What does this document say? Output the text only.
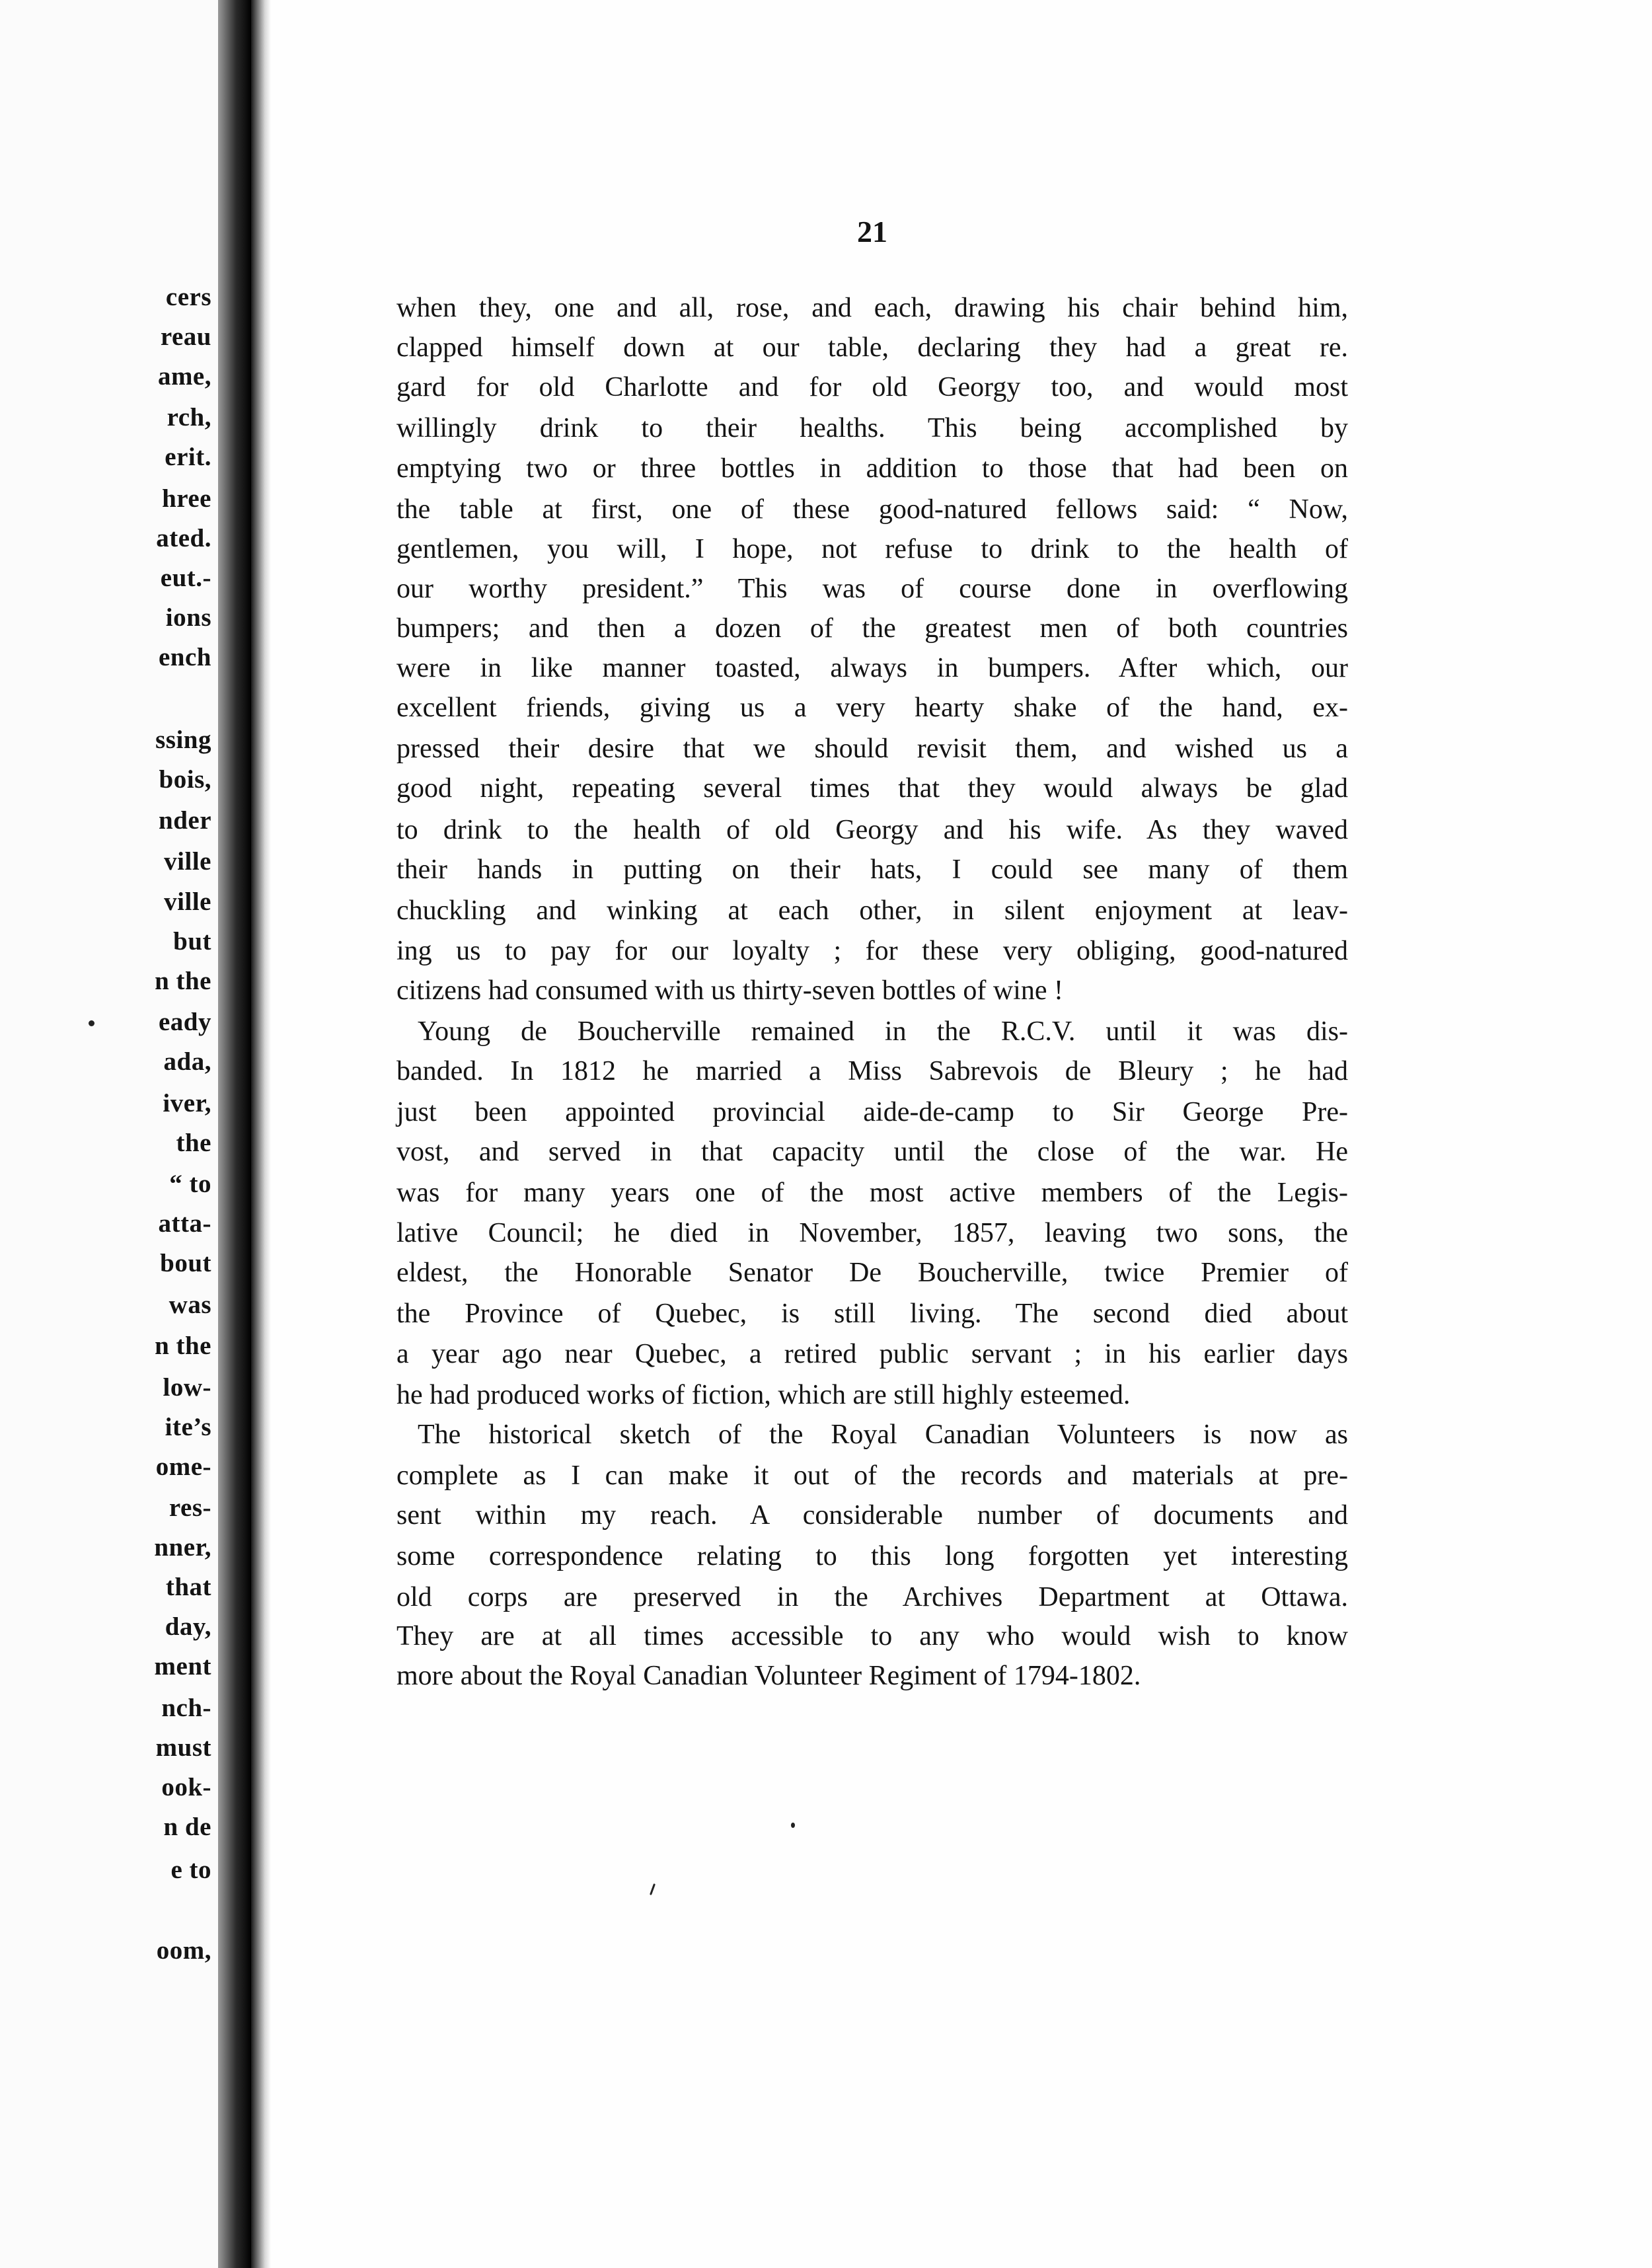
cers
reau
ame,
rch,
erit.
hree
ated.
eut.-
ions
ench
ssing
bois,
nder
ville
ville
but
n the
eady
ada,
iver,
the
“ to
atta-
bout
was
n the
low-
ite’s
ome-
res-
nner,
that
day,
ment
nch-
must
ook-
n de
e to
oom,
21
when they, one and all, rose, and each, drawing his chair behind him,
clapped himself down at our table, declaring they had a great re.
gard for old Charlotte and for old Georgy too, and would most
willingly drink to their healths. This being accomplished by
emptying two or three bottles in addition to those that had been on
the table at first, one of these good-natured fellows said: “ Now,
gentlemen, you will, I hope, not refuse to drink to the health of
our worthy president.” This was of course done in overflowing
bumpers; and then a dozen of the greatest men of both countries
were in like manner toasted, always in bumpers. After which, our
excellent friends, giving us a very hearty shake of the hand, ex-
pressed their desire that we should revisit them, and wished us a
good night, repeating several times that they would always be glad
to drink to the health of old Georgy and his wife. As they waved
their hands in putting on their hats, I could see many of them
chuckling and winking at each other, in silent enjoyment at leav-
ing us to pay for our loyalty ; for these very obliging, good-natured
citizens had consumed with us thirty-seven bottles of wine !
Young de Boucherville remained in the R.C.V. until it was dis-
banded. In 1812 he married a Miss Sabrevois de Bleury ; he had
just been appointed provincial aide-de-camp to Sir George Pre-
vost, and served in that capacity until the close of the war. He
was for many years one of the most active members of the Legis-
lative Council; he died in November, 1857, leaving two sons, the
eldest, the Honorable Senator De Boucherville, twice Premier of
the Province of Quebec, is still living. The second died about
a year ago near Quebec, a retired public servant ; in his earlier days
he had produced works of fiction, which are still highly esteemed.
The historical sketch of the Royal Canadian Volunteers is now as
complete as I can make it out of the records and materials at pre-
sent within my reach. A considerable number of documents and
some correspondence relating to this long forgotten yet interesting
old corps are preserved in the Archives Department at Ottawa.
They are at all times accessible to any who would wish to know
more about the Royal Canadian Volunteer Regiment of 1794-1802.
